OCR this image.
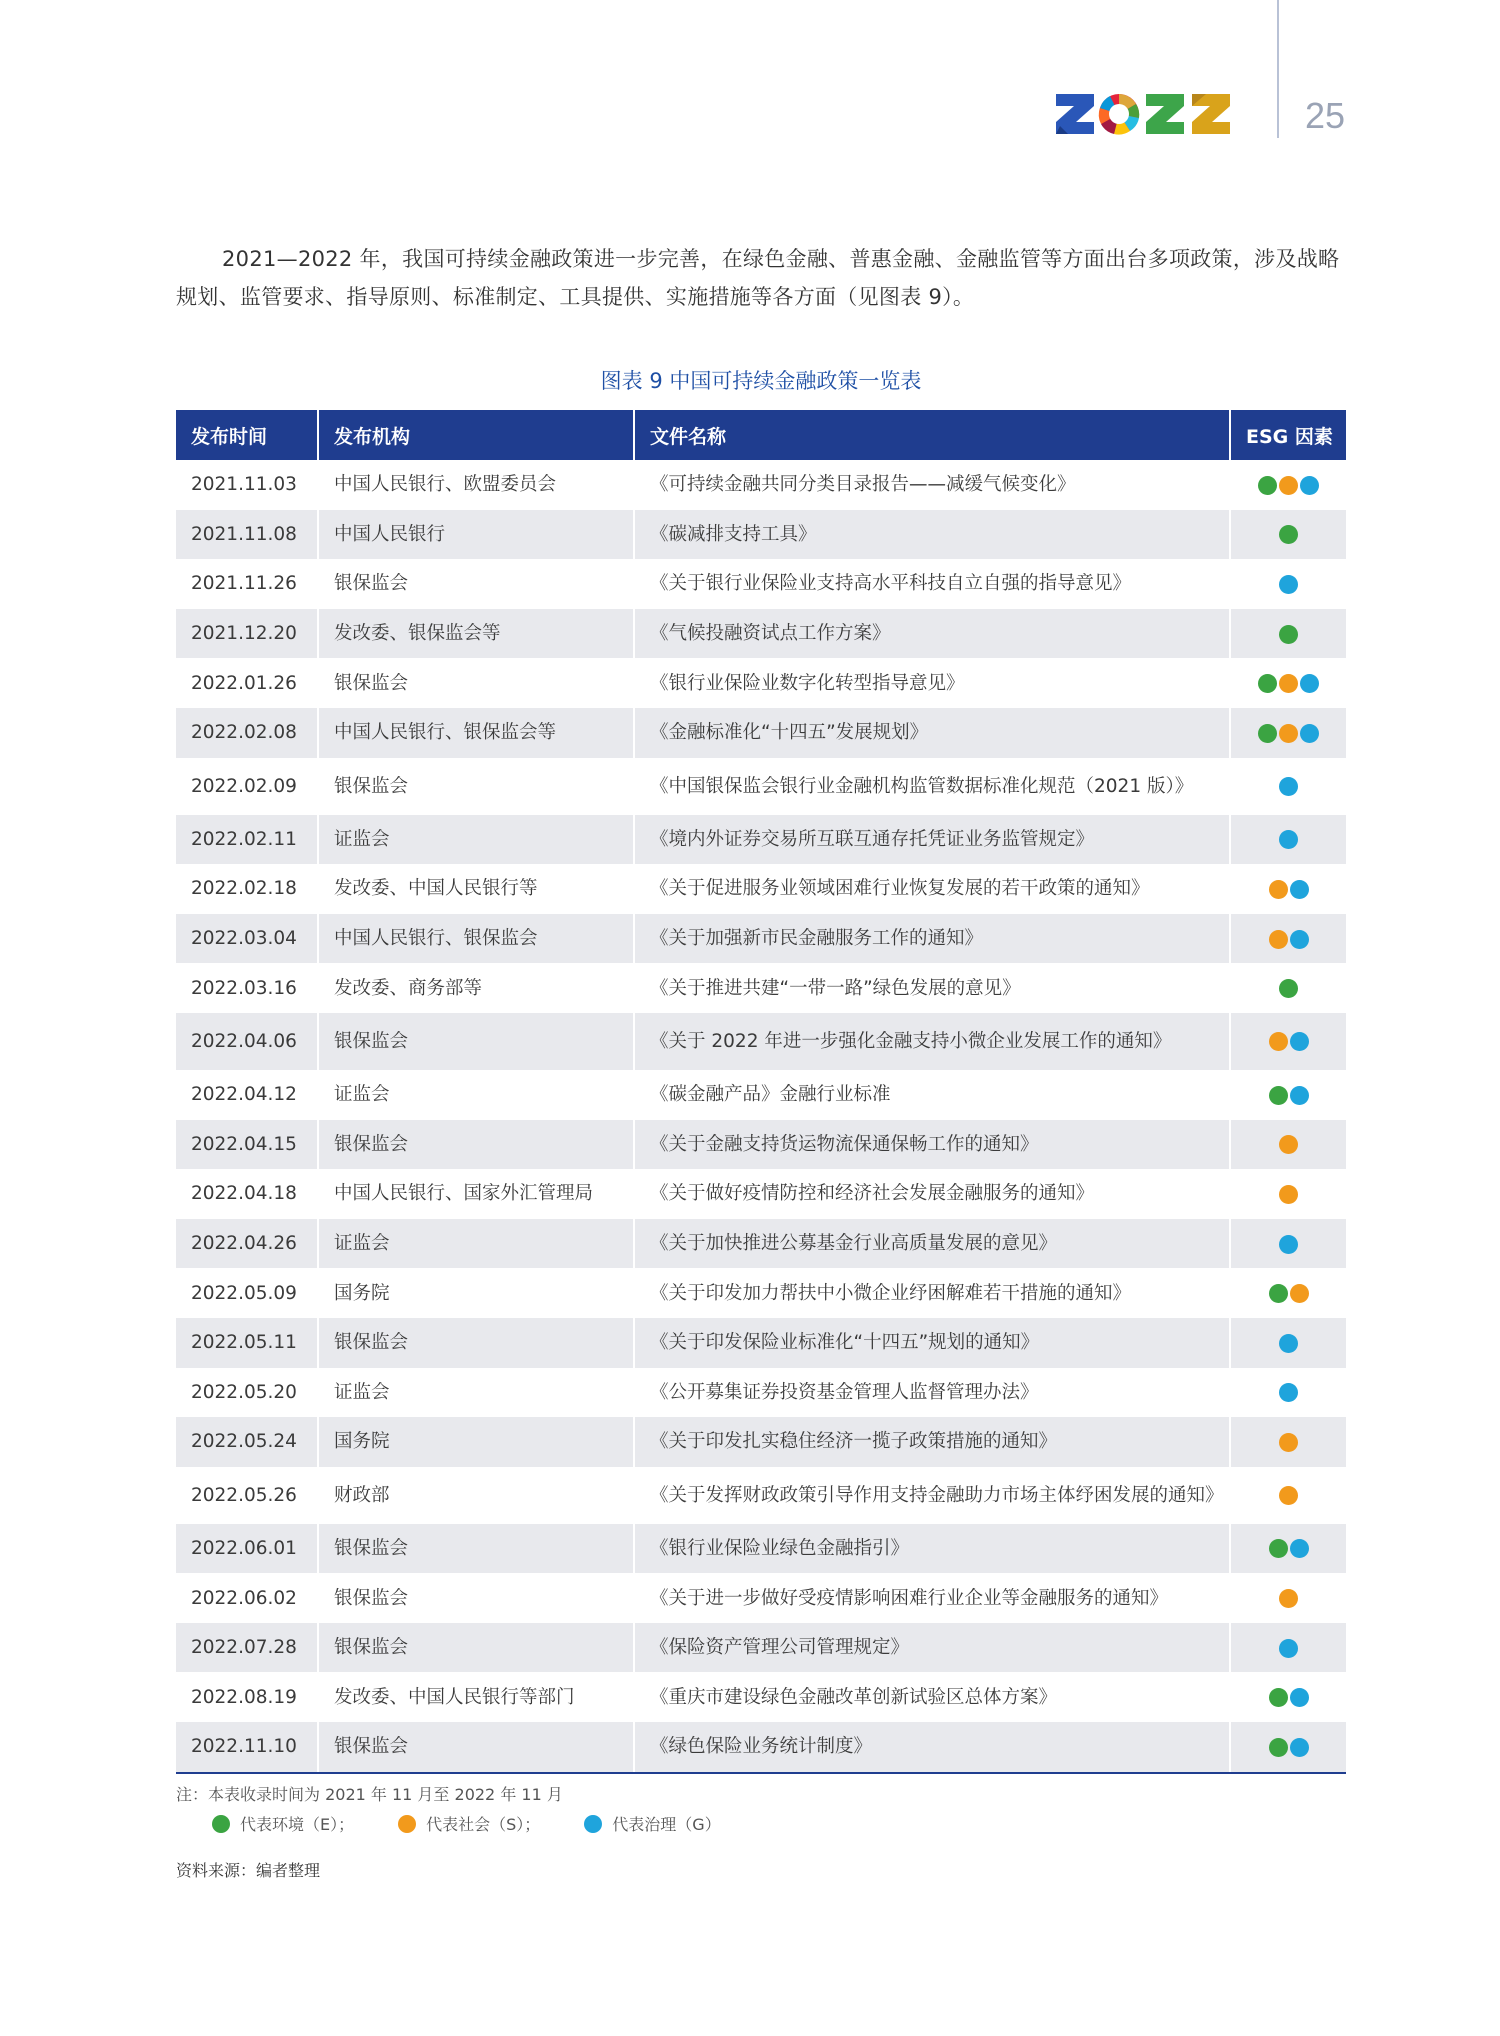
25

2021—2022 年，我国可持续金融政策进一步完善，在绿色金融、普惠金融、金融监管等方面出台多项政策，涉及战略规划、监管要求、指导原则、标准制定、工具提供、实施措施等各方面（见图表 9）。

图表 9 中国可持续金融政策一览表
发布时间	发布机构	文件名称	ESG 因素
2021.11.03	中国人民银行、欧盟委员会	《可持续金融共同分类目录报告——减缓气候变化》	

2021.11.08	中国人民银行	《碳减排支持工具》	

2021.11.26	银保监会	《关于银行业保险业支持高水平科技自立自强的指导意见》	

2021.12.20	发改委、银保监会等	《气候投融资试点工作方案》	

2022.01.26	银保监会	《银行业保险业数字化转型指导意见》	

2022.02.08	中国人民银行、银保监会等	《金融标准化“十四五”发展规划》	

2022.02.09	银保监会	《中国银保监会银行业金融机构监管数据标准化规范（2021 版）》	

2022.02.11	证监会	《境内外证券交易所互联互通存托凭证业务监管规定》	

2022.02.18	发改委、中国人民银行等	《关于促进服务业领域困难行业恢复发展的若干政策的通知》	

2022.03.04	中国人民银行、银保监会	《关于加强新市民金融服务工作的通知》	

2022.03.16	发改委、商务部等	《关于推进共建“一带一路”绿色发展的意见》	

2022.04.06	银保监会	《关于 2022 年进一步强化金融支持小微企业发展工作的通知》	

2022.04.12	证监会	《碳金融产品》金融行业标准	

2022.04.15	银保监会	《关于金融支持货运物流保通保畅工作的通知》	

2022.04.18	中国人民银行、国家外汇管理局	《关于做好疫情防控和经济社会发展金融服务的通知》	

2022.04.26	证监会	《关于加快推进公募基金行业高质量发展的意见》	

2022.05.09	国务院	《关于印发加力帮扶中小微企业纾困解难若干措施的通知》	

2022.05.11	银保监会	《关于印发保险业标准化“十四五”规划的通知》	

2022.05.20	证监会	《公开募集证券投资基金管理人监督管理办法》	

2022.05.24	国务院	《关于印发扎实稳住经济一揽子政策措施的通知》	

2022.05.26	财政部	《关于发挥财政政策引导作用支持金融助力市场主体纾困发展的通知》	

2022.06.01	银保监会	《银行业保险业绿色金融指引》	

2022.06.02	银保监会	《关于进一步做好受疫情影响困难行业企业等金融服务的通知》	

2022.07.28	银保监会	《保险资产管理公司管理规定》	

2022.08.19	发改委、中国人民银行等部门	《重庆市建设绿色金融改革创新试验区总体方案》	

2022.11.10	银保监会	《绿色保险业务统计制度》	
注：本表收录时间为 2021 年 11 月至 2022 年 11 月
代表环境（E）；	代表社会（S）；	代表治理（G）
资料来源：编者整理
